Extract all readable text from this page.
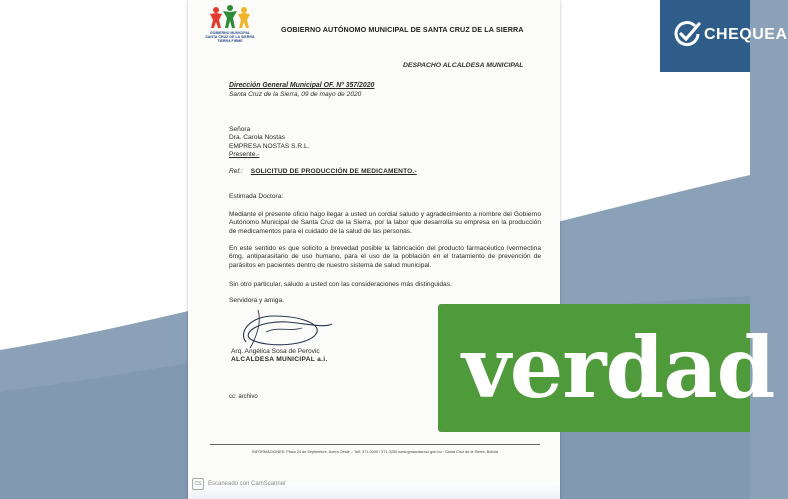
GOBIERNO MUNICIPAL
SANTA CRUZ DE LA SIERRA
TIERRA FIRME
GOBIERNO AUTÓNOMO MUNICIPAL DE SANTA CRUZ DE LA SIERRA
DESPACHO ALCALDESA MUNICIPAL
Dirección General Municipal OF. Nº 357/2020
Santa Cruz de la Sierra, 09 de mayo de 2020
Señora
Dra. Carola Nostas
EMPRESA NOSTAS S.R.L.
Presente.-
Ref.: SOLICITUD DE PRODUCCIÓN DE MEDICAMENTO.-
Estimada Doctora:
Mediante el presente oficio hago llegar a usted un cordial saludo y agradecimiento a nombre del Gobierno Autónomo Municipal de Santa Cruz de la Sierra, por la labor que desarrolla su empresa en la producción de medicamentos para el cuidado de la salud de las personas.
En este sentido es que solicito a brevedad posible la fabricación del producto farmacéutico Ivermectina 6mg, antiparasitario de uso humano, para el uso de la población en el tratamiento de prevención de parásitos en pacientes dentro de nuestro sistema de salud municipal.
Sin otro particular, saludo a usted con las consideraciones más distinguidas.
Servidora y amiga.
Arq. Angélica Sosa de Perovic
ALCALDESA MUNICIPAL a.i.
cc: archivo
INFORMACIONES: Plaza 24 de Septiembre, Acera Oeste – Telf: 371-0000 / 371-3250 www.gmsantacruz.gob.bo · Santa Cruz de la Sierra, Bolivia
CS	Escaneado con CamScanner
CHEQUEA
verdad
